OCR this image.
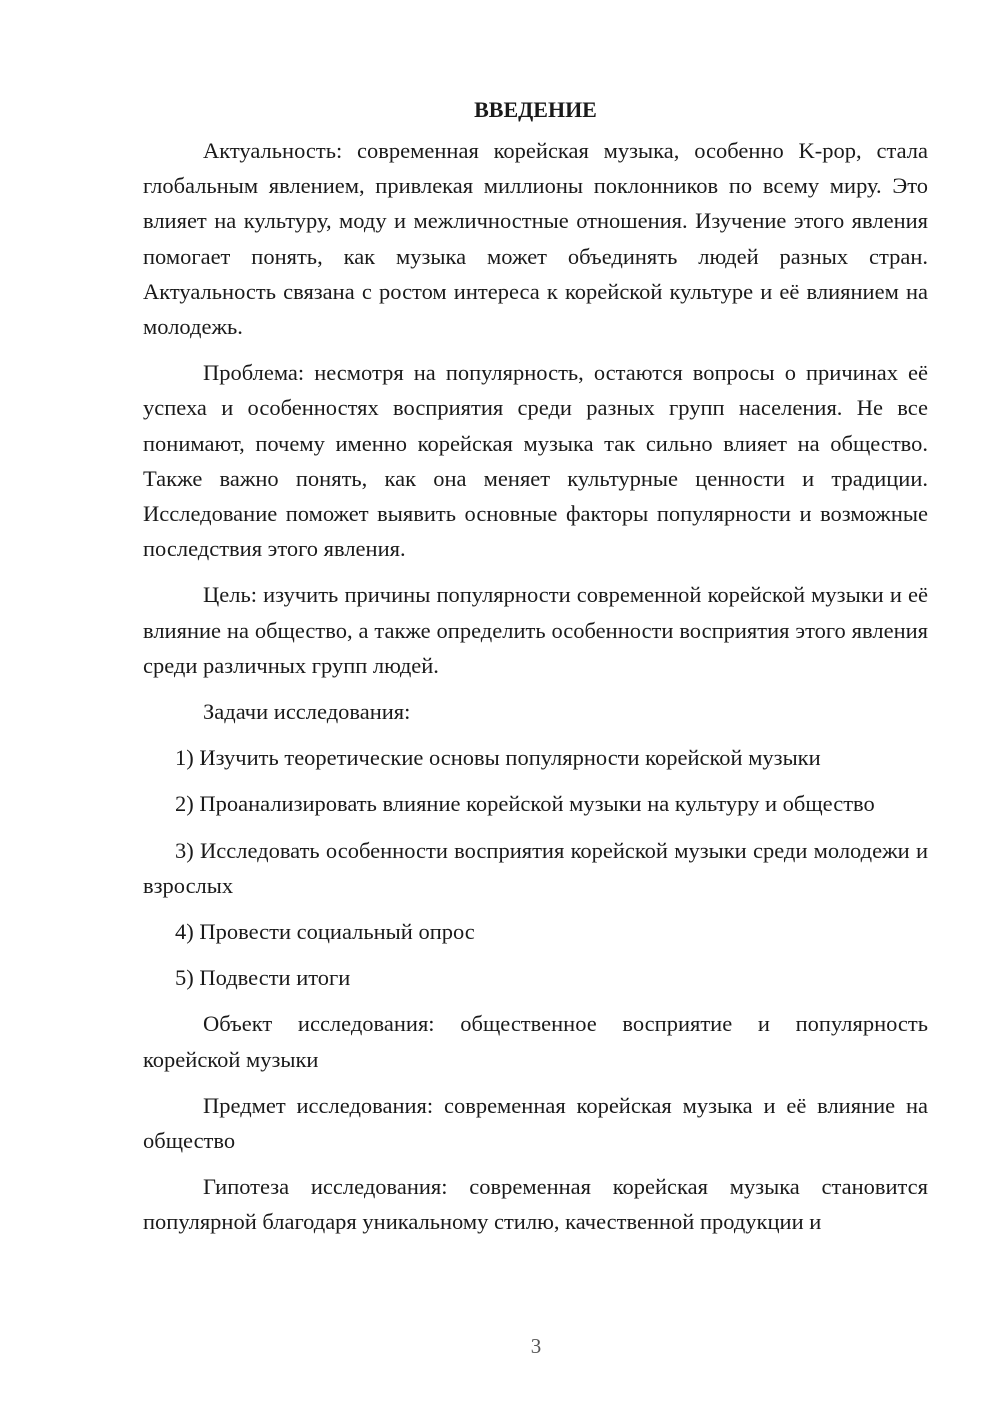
ВВЕДЕНИЕ

Актуальность: современная корейская музыка, особенно K-pop, стала глобальным явлением, привлекая миллионы поклонников по всему миру. Это влияет на культуру, моду и межличностные отношения. Изучение этого явления помогает понять, как музыка может объединять людей разных стран. Актуальность связана с ростом интереса к корейской культуре и её влиянием на молодежь.

Проблема: несмотря на популярность, остаются вопросы о причинах её успеха и особенностях восприятия среди разных групп населения. Не все понимают, почему именно корейская музыка так сильно влияет на общество. Также важно понять, как она меняет культурные ценности и традиции. Исследование поможет выявить основные факторы популярности и возможные последствия этого явления.

Цель: изучить причины популярности современной корейской музыки и её влияние на общество, а также определить особенности восприятия этого явления среди различных групп людей.

Задачи исследования:

1) Изучить теоретические основы популярности корейской музыки

2) Проанализировать влияние корейской музыки на культуру и общество

3) Исследовать особенности восприятия корейской музыки среди молодежи и взрослых

4) Провести социальный опрос

5) Подвести итоги

Объект исследования: общественное восприятие и популярность корейской музыки

Предмет исследования: современная корейская музыка и её влияние на общество

Гипотеза исследования: современная корейская музыка становится популярной благодаря уникальному стилю, качественной продукции и

3
